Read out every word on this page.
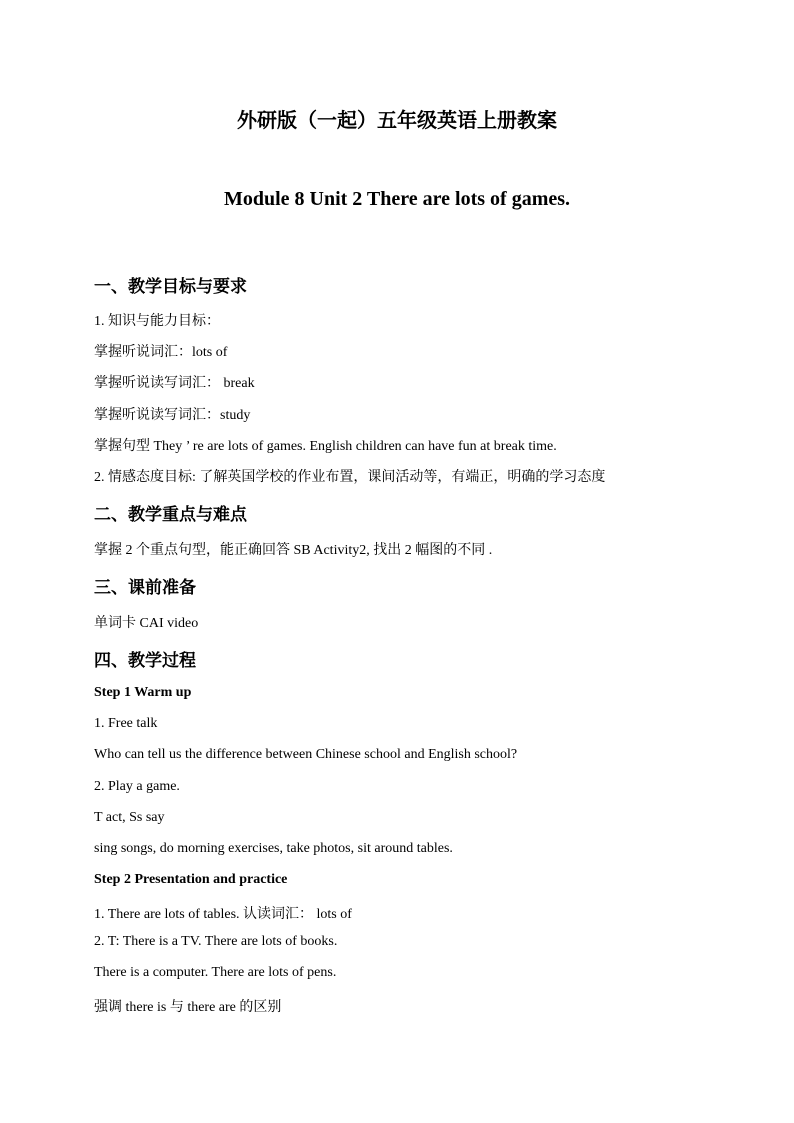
外研版（一起）五年级英语上册教案
Module 8 Unit 2 There are lots of games.
一、教学目标与要求
1. 知识与能力目标：
掌握听说词汇：lots of
掌握听说读写词汇： break
掌握听说读写词汇：study
掌握句型 They ’ re are lots of games. English children can have fun at break time.
2. 情感态度目标: 了解英国学校的作业布置，课间活动等，有端正，明确的学习态度
二、教学重点与难点
掌握 2 个重点句型，能正确回答 SB Activity2, 找出 2 幅图的不同 .
三、课前准备
单词卡 CAI video
四、教学过程
Step 1 Warm up
1. Free talk
Who can tell us the difference between Chinese school and English school?
2. Play a game.
T act, Ss say
sing songs, do morning exercises, take photos, sit around tables.
Step 2 Presentation and practice
1. There are lots of tables. 认读词汇： lots of
2. T: There is a TV. There are lots of books.
There is a computer. There are lots of pens.
强调 there is 与 there are 的区别
